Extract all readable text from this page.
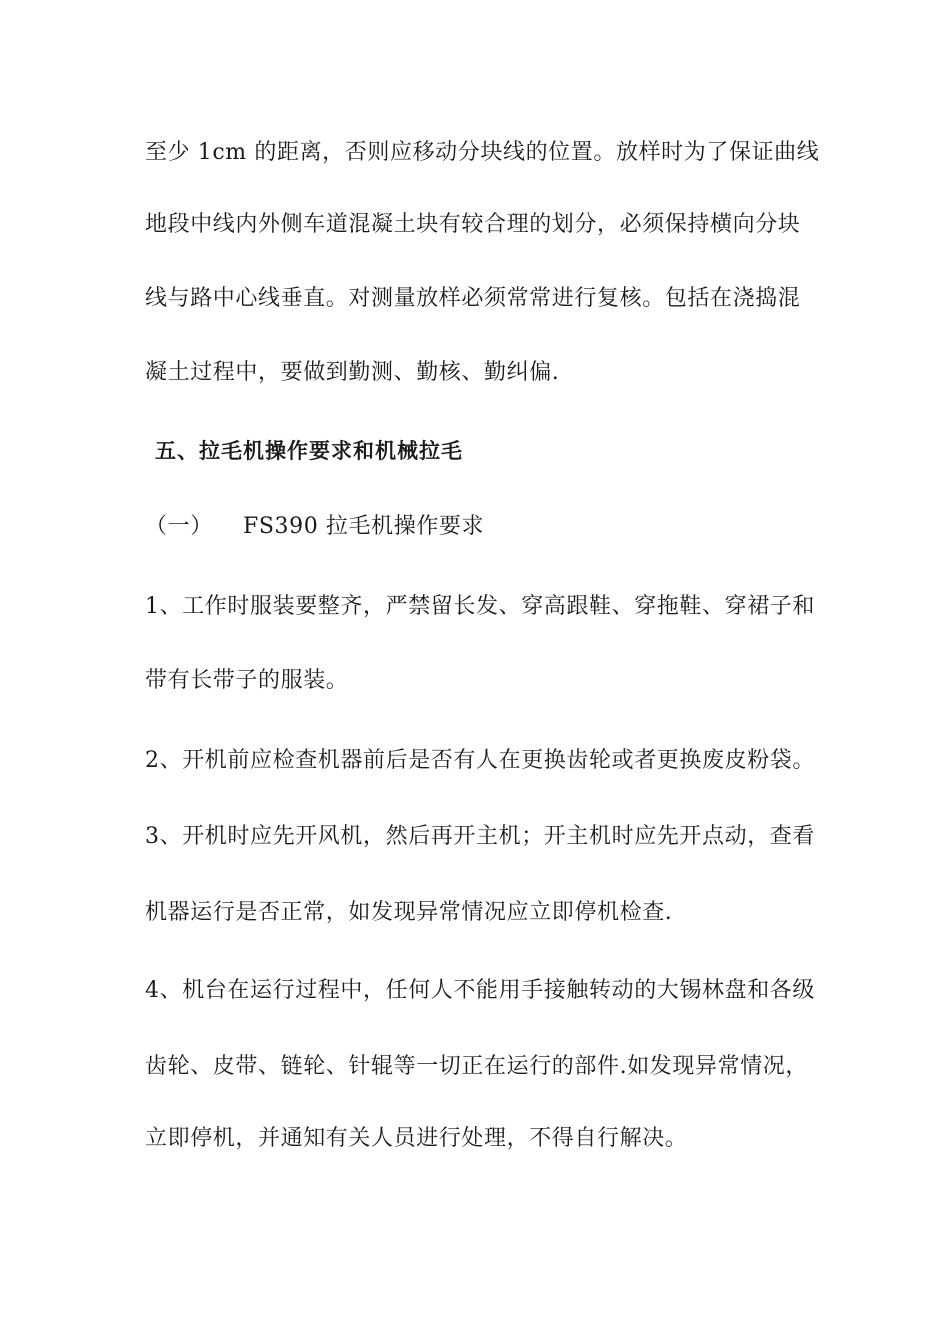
至少 1cm 的距离，否则应移动分块线的位置。放样时为了保证曲线
地段中线内外侧车道混凝土块有较合理的划分，必须保持横向分块
线与路中心线垂直。对测量放样必须常常进行复核。包括在浇捣混
凝土过程中，要做到勤测、勤核、勤纠偏.
五、拉毛机操作要求和机械拉毛
（一） FS390 拉毛机操作要求
1、工作时服装要整齐，严禁留长发、穿高跟鞋、穿拖鞋、穿裙子和
带有长带子的服装。
2、开机前应检查机器前后是否有人在更换齿轮或者更换废皮粉袋。
3、开机时应先开风机，然后再开主机；开主机时应先开点动，查看
机器运行是否正常，如发现异常情况应立即停机检查.
4、机台在运行过程中，任何人不能用手接触转动的大锡林盘和各级
齿轮、皮带、链轮、针辊等一切正在运行的部件.如发现异常情况，
立即停机，并通知有关人员进行处理，不得自行解决。
